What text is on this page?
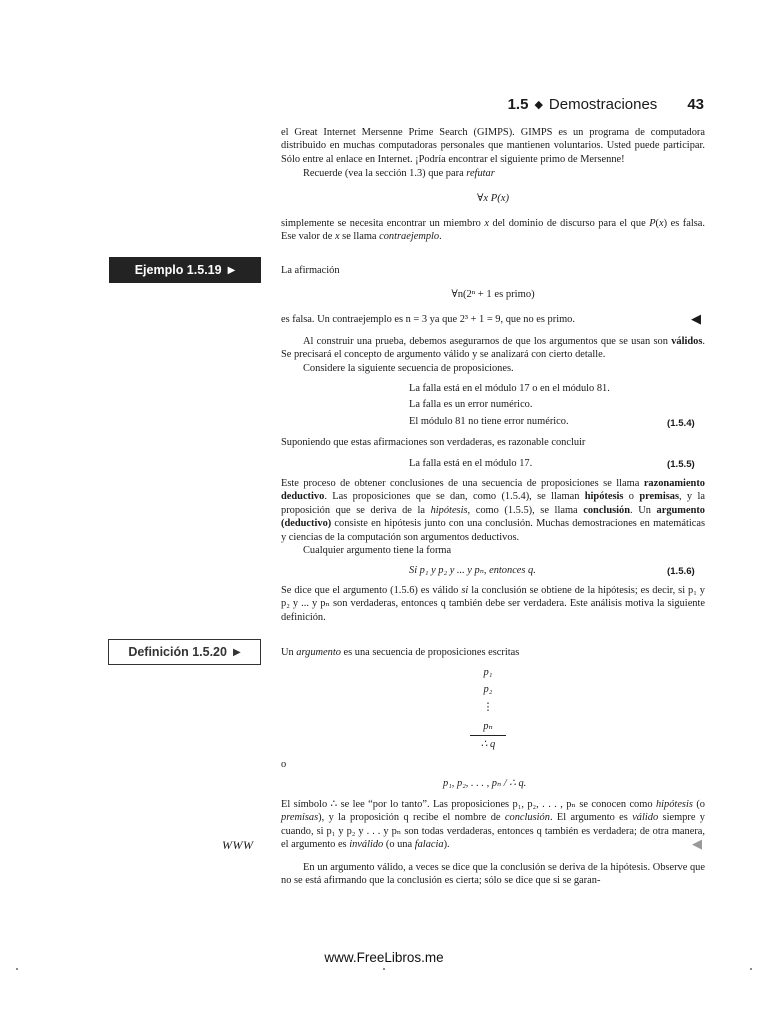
1.5 ◆ Demostraciones 43

el Great Internet Mersenne Prime Search (GIMPS). GIMPS es un programa de computadora distribuido en muchas computadoras personales que mantienen voluntarios. Usted puede participar. Sólo entre al enlace en Internet. ¡Podría encontrar el siguiente primo de Mersenne!

Recuerde (vea la sección 1.3) que para refutar

∀x P(x)

simplemente se necesita encontrar un miembro x del dominio de discurso para el que P(x) es falsa. Ese valor de x se llama contraejemplo.

Ejemplo 1.5.19 ▶	La afirmación

∀n(2ⁿ + 1 es primo)

es falsa. Un contraejemplo es n = 3 ya que 2³ + 1 = 9, que no es primo.	◀

Al construir una prueba, debemos asegurarnos de que los argumentos que se usan son válidos. Se precisará el concepto de argumento válido y se analizará con cierto detalle.

Considere la siguiente secuencia de proposiciones.

La falla está en el módulo 17 o en el módulo 81.
La falla es un error numérico.
El módulo 81 no tiene error numérico.	(1.5.4)

Suponiendo que estas afirmaciones son verdaderas, es razonable concluir

La falla está en el módulo 17.	(1.5.5)

Este proceso de obtener conclusiones de una secuencia de proposiciones se llama razonamiento deductivo. Las proposiciones que se dan, como (1.5.4), se llaman hipótesis o premisas, y la proposición que se deriva de la hipótesis, como (1.5.5), se llama conclusión. Un argumento (deductivo) consiste en hipótesis junto con una conclusión. Muchas demostraciones en matemáticas y ciencias de la computación son argumentos deductivos.

Cualquier argumento tiene la forma

Si p₁ y p₂ y ... y pₙ, entonces q.	(1.5.6)

Se dice que el argumento (1.5.6) es válido si la conclusión se obtiene de la hipótesis; es decir, si p₁ y p₂ y ... y pₙ son verdaderas, entonces q también debe ser verdadera. Este análisis motiva la siguiente definición.

Definición 1.5.20 ▶	Un argumento es una secuencia de proposiciones escritas

p₁
p₂
⋮
pₙ
∴ q
o
p₁, p₂, . . . , pₙ / ∴ q.

El símbolo ∴ se lee “por lo tanto”. Las proposiciones p₁, p₂, . . . , pₙ se conocen como hipótesis (o premisas), y la proposición q recibe el nombre de conclusión. El argumento es válido siempre y cuando, si p₁ y p₂ y . . . y pₙ son todas verdaderas, entonces q también es verdadera; de otra manera, el argumento es inválido (o una falacia).

WWW	◀

En un argumento válido, a veces se dice que la conclusión se deriva de la hipótesis. Observe que no se está afirmando que la conclusión es cierta; sólo se dice que si se garan-

www.FreeLibros.me
